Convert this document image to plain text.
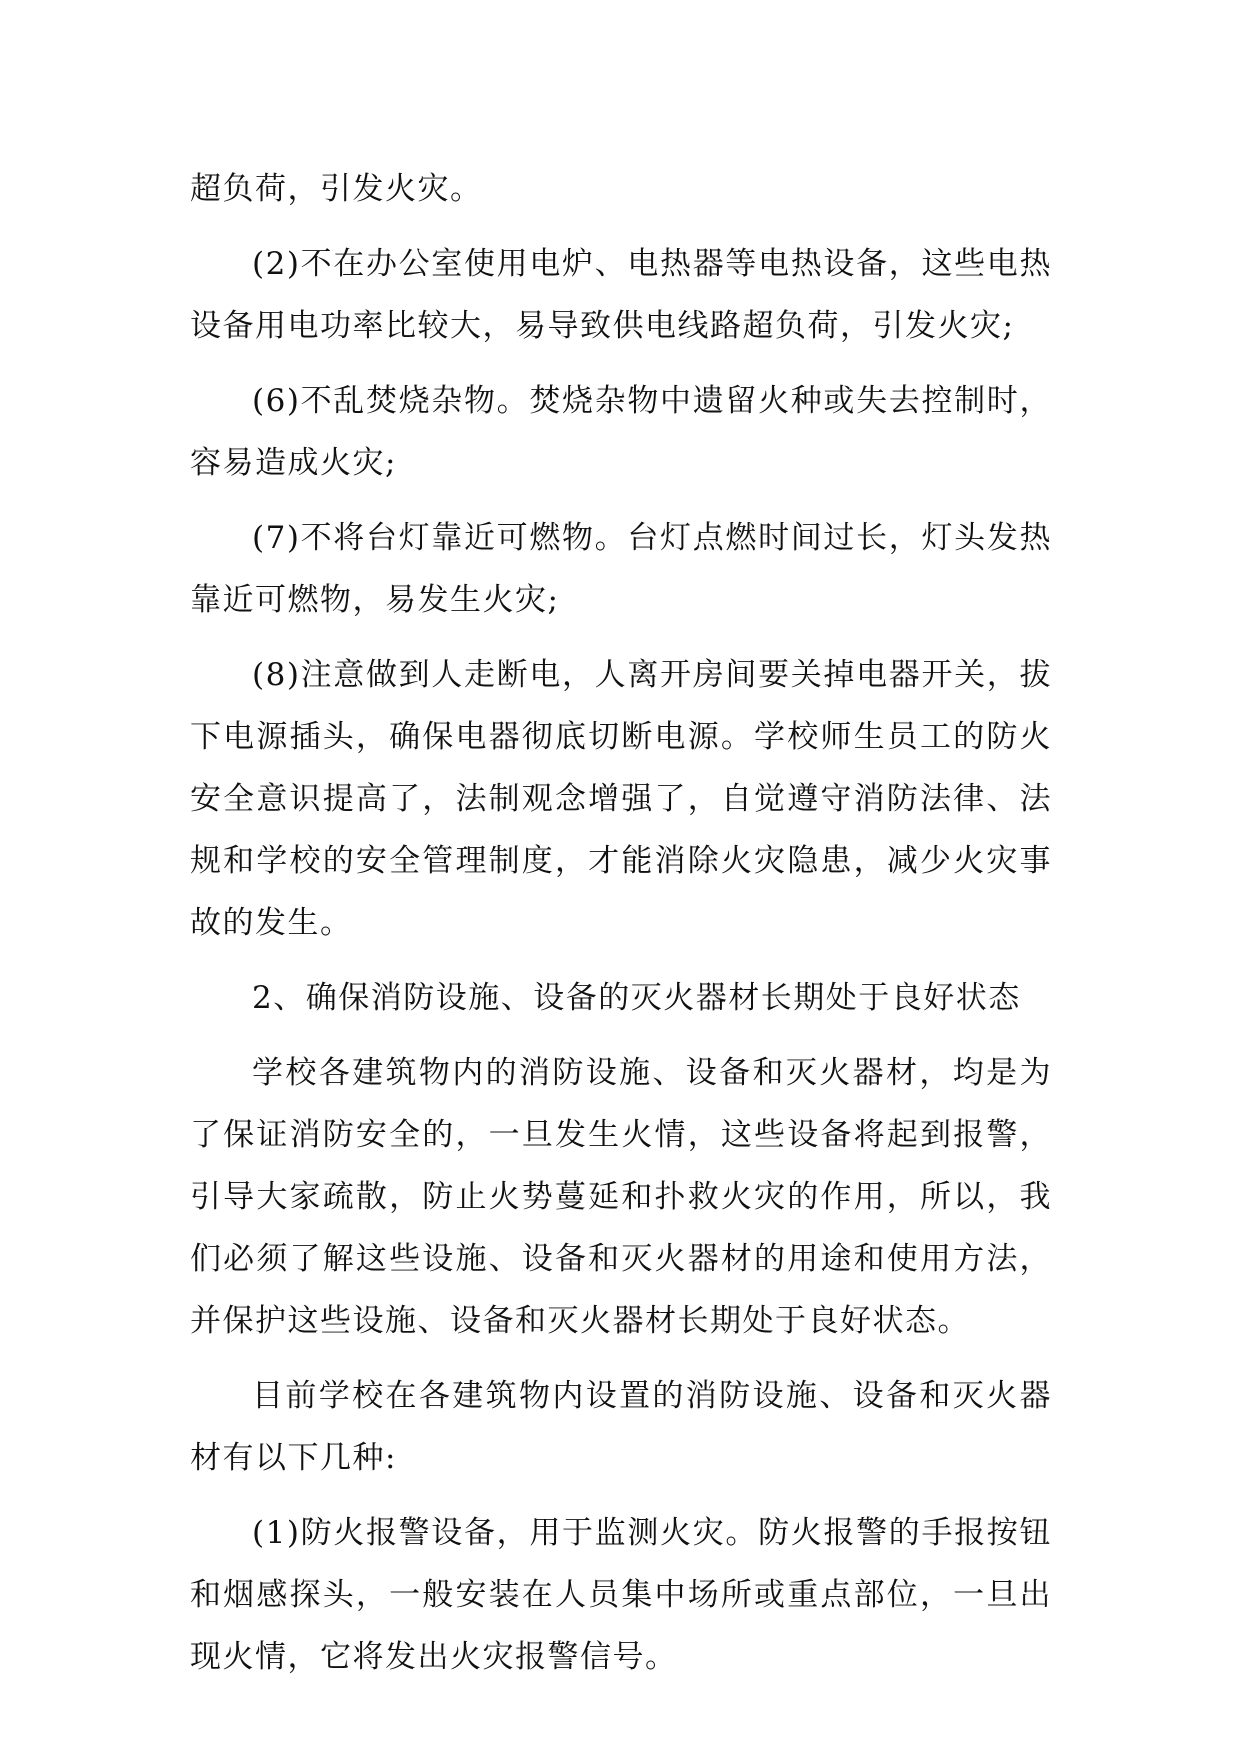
超负荷，引发火灾。

(2)不在办公室使用电炉、电热器等电热设备，这些电热设备用电功率比较大，易导致供电线路超负荷，引发火灾;

(6)不乱焚烧杂物。焚烧杂物中遗留火种或失去控制时，容易造成火灾;

(7)不将台灯靠近可燃物。台灯点燃时间过长，灯头发热靠近可燃物，易发生火灾;

(8)注意做到人走断电，人离开房间要关掉电器开关，拔下电源插头，确保电器彻底切断电源。学校师生员工的防火安全意识提高了，法制观念增强了，自觉遵守消防法律、法规和学校的安全管理制度，才能消除火灾隐患，减少火灾事故的发生。

2、确保消防设施、设备的灭火器材长期处于良好状态

学校各建筑物内的消防设施、设备和灭火器材，均是为了保证消防安全的，一旦发生火情，这些设备将起到报警，引导大家疏散，防止火势蔓延和扑救火灾的作用，所以，我们必须了解这些设施、设备和灭火器材的用途和使用方法，并保护这些设施、设备和灭火器材长期处于良好状态。

目前学校在各建筑物内设置的消防设施、设备和灭火器材有以下几种:

(1)防火报警设备，用于监测火灾。防火报警的手报按钮和烟感探头，一般安装在人员集中场所或重点部位，一旦出现火情，它将发出火灾报警信号。
